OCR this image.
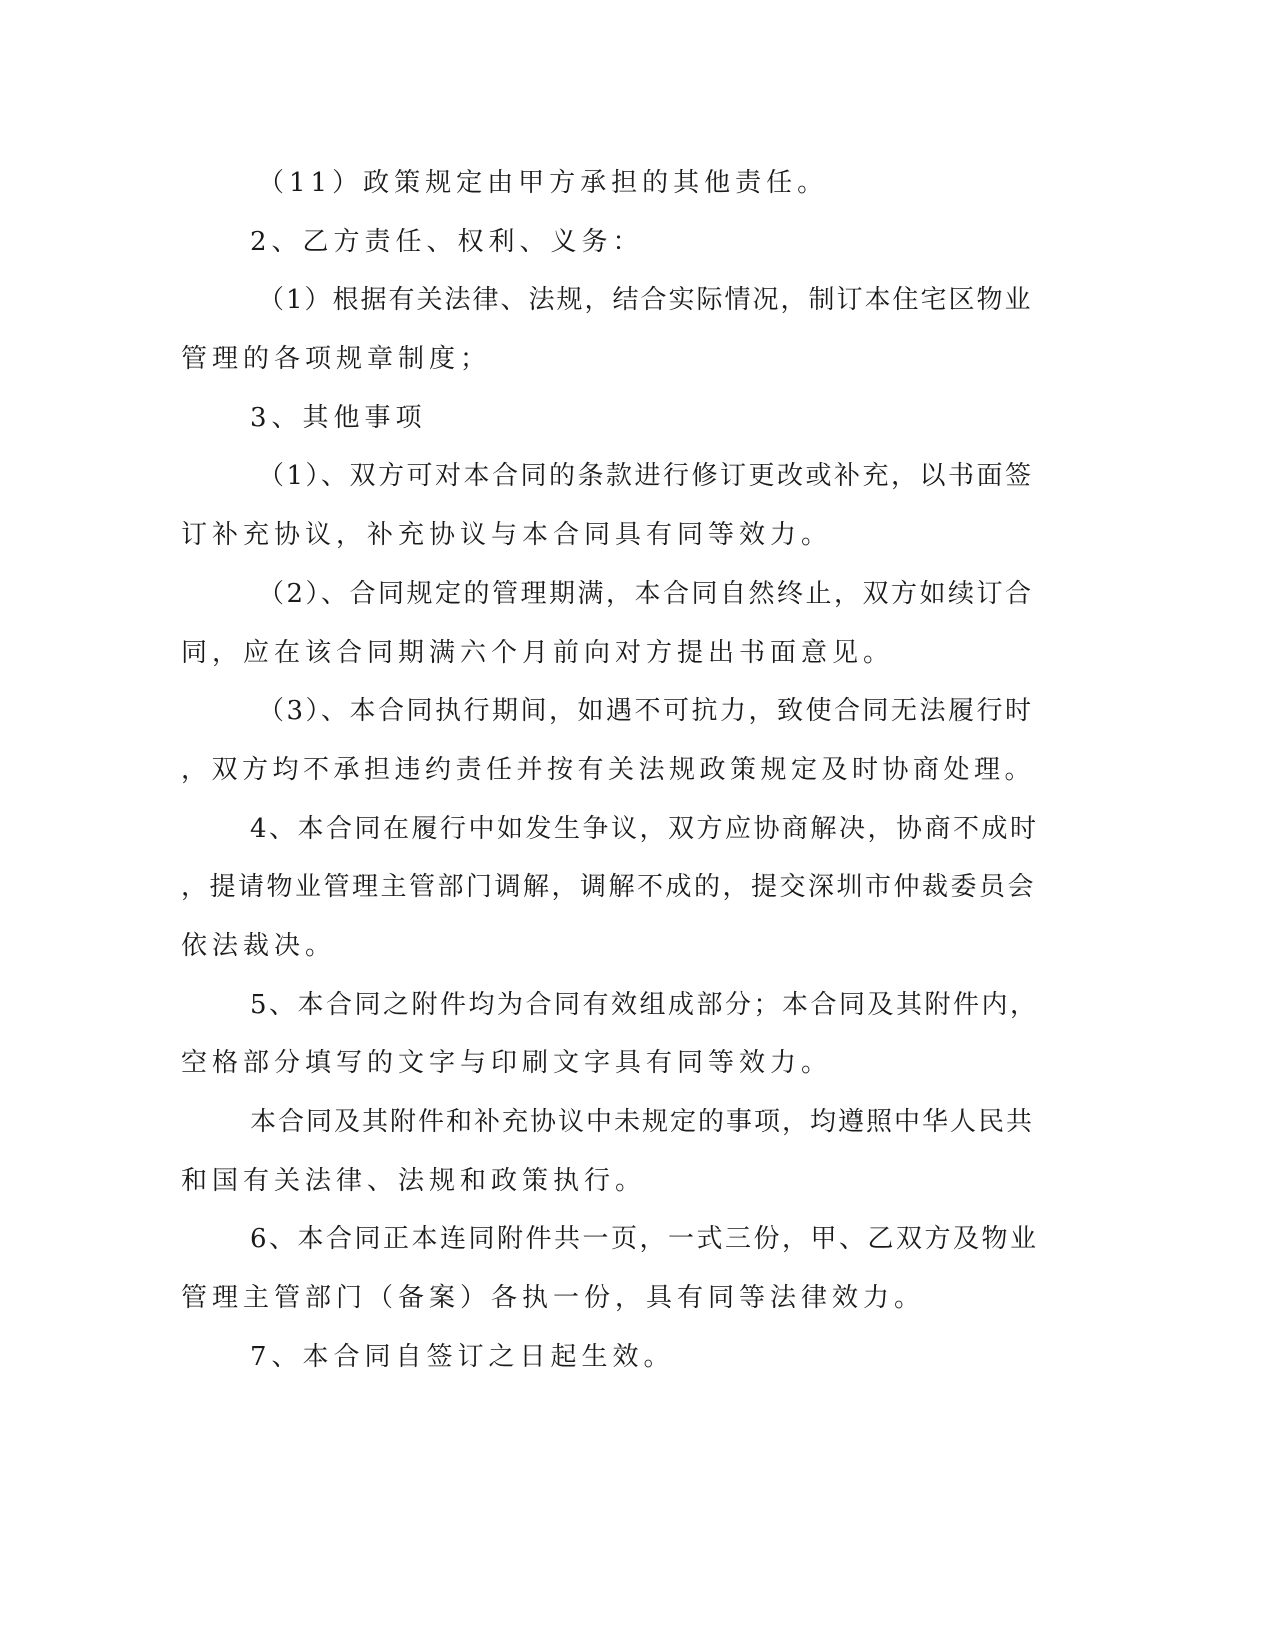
（11）政策规定由甲方承担的其他责任。

2、乙方责任、权利、义务：

（1）根据有关法律、法规，结合实际情况，制订本住宅区物业

管理的各项规章制度；

3、其他事项

（1）、双方可对本合同的条款进行修订更改或补充，以书面签

订补充协议，补充协议与本合同具有同等效力。

（2）、合同规定的管理期满，本合同自然终止，双方如续订合

同，应在该合同期满六个月前向对方提出书面意见。

（3）、本合同执行期间，如遇不可抗力，致使合同无法履行时

，双方均不承担违约责任并按有关法规政策规定及时协商处理。

4、本合同在履行中如发生争议，双方应协商解决，协商不成时

，提请物业管理主管部门调解，调解不成的，提交深圳市仲裁委员会

依法裁决。

5、本合同之附件均为合同有效组成部分；本合同及其附件内，

空格部分填写的文字与印刷文字具有同等效力。

本合同及其附件和补充协议中未规定的事项，均遵照中华人民共

和国有关法律、法规和政策执行。

6、本合同正本连同附件共一页，一式三份，甲、乙双方及物业

管理主管部门（备案）各执一份，具有同等法律效力。

7、本合同自签订之日起生效。
